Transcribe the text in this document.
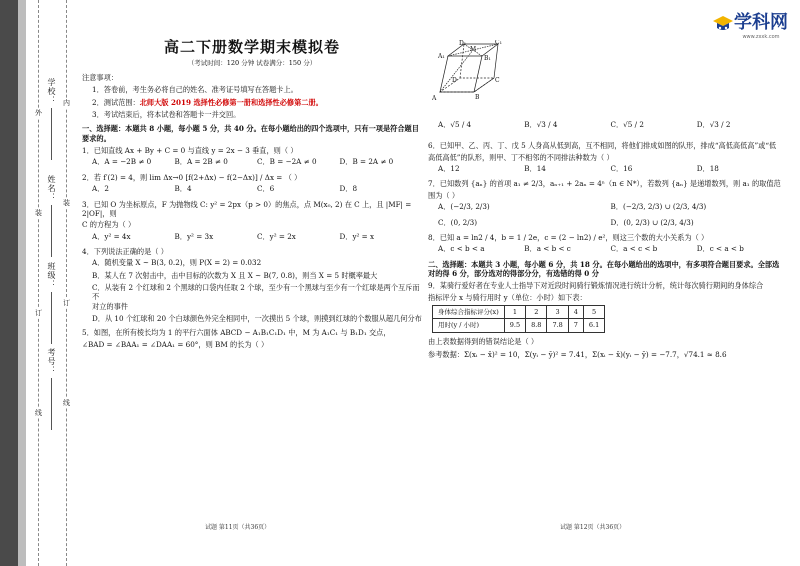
外
装
订
线
内
装
订
线
学校：
姓名：
班级：
考号：
学科网
www.zxxk.com
高二下册数学期末模拟卷
（考试时间：120 分钟 试卷满分：150 分）

注意事项：

1．答卷前，考生务必将自己的姓名、准考证号填写在答题卡上。

2．测试范围：北师大版 2019 选择性必修第一册和选择性必修第二册。

3．考试结束后，将本试卷和答题卡一并交回。

一、选择题：本题共 8 小题，每小题 5 分，共 40 分。在每小题给出的四个选项中，只有一项是符合题目要求的。

1．已知直线 Ax + By + C = 0 与直线 y = 2x − 3 垂直，则（ ）

A．A = −2B ≠ 0	B．A = 2B ≠ 0	C．B = −2A ≠ 0	D．B = 2A ≠ 0

2．若 f′(2) = 4，则 lim Δx→0 [f(2+Δx) − f(2−Δx)] / Δx = （ ）

A．2	B．4	C．6	D．8

3．已知 O 为坐标原点，F 为抛物线 C: y² = 2px（p > 0）的焦点，点 M(x₀, 2) 在 C 上，且 |MF| = 2|OF|，则

C 的方程为（ ）

A．y² = 4x	B．y² = 3x	C．y² = 2x	D．y² = x

4．下列说法正确的是（ ）

A．随机变量 X ~ B(3, 0.2)，则 P(X = 2) = 0.032

B．某人在 7 次射击中，击中目标的次数为 X 且 X ~ B(7, 0.8)，则当 X = 5 时概率最大

C．从装有 2 个红球和 2 个黑球的口袋内任取 2 个球，至少有一个黑球与至少有一个红球是两个互斥而不

对立的事件

D．从 10 个红球和 20 个白球颜色外完全相同中，一次摸出 5 个球，则摸到红球的个数服从超几何分布

5．如图，在所有棱长均为 1 的平行六面体 ABCD − A₁B₁C₁D₁ 中，M 为 A₁C₁ 与 B₁D₁ 交点，

∠BAD = ∠BAA₁ = ∠DAA₁ = 60°，则 BM 的长为（ ）

D₁	C₁
A₁	B₁
M
D	C
A	B
A．√5 / 4	B．√3 / 4	C．√5 / 2	D．√3 / 2

6．已知甲、乙、丙、丁、戊 5 人身高从低到高，互不相同，将他们排成如图的队形，排成“高低高低高”或“低

高低高低”的队形，则甲、丁不相邻的不同排法种数为（ ）

A．12	B．14	C．16	D．18

7．已知数列 {aₙ} 的首项 a₁ ≠ 2/3，aₙ₊₁ + 2aₙ = 4ⁿ（n ∈ N*），若数列 {aₙ} 是递增数列，则 a₁ 的取值范

围为（ ）

A．(−2/3, 2/3)	B．(−2/3, 2/3) ∪ (2/3, 4/3)
C．(0, 2/3)	D．(0, 2/3) ∪ (2/3, 4/3)

8．已知 a = ln2 / 4，b = 1 / 2e，c = (2 − ln2) / e²，则这三个数的大小关系为（ ）

A．c < b < a	B．a < b < c	C．a < c < b	D．c < a < b

二、选择题：本题共 3 小题，每小题 6 分，共 18 分。在每小题给出的选项中，有多项符合题目要求。全部选对的得 6 分，部分选对的得部分分，有选错的得 0 分

9．某骑行爱好者在专业人士指导下对近段时间骑行锻炼情况进行统计分析，统计每次骑行期间的身体综合

指标评分 x 与骑行用时 y（单位：小时）如下表：

身体综合指标评分(x)	1	2	3	4	5
用时(y / 小时)	9.5	8.8	7.8	7	6.1

由上表数据得到的错误结论是（ ）

参考数据：Σ(xᵢ − x̄)² = 10，Σ(yᵢ − ȳ)² = 7.41，Σ(xᵢ − x̄)(yᵢ − ȳ) = −7.7，√74.1 ≈ 8.6

试题 第11页（共36页）	试题 第12页（共36页）
